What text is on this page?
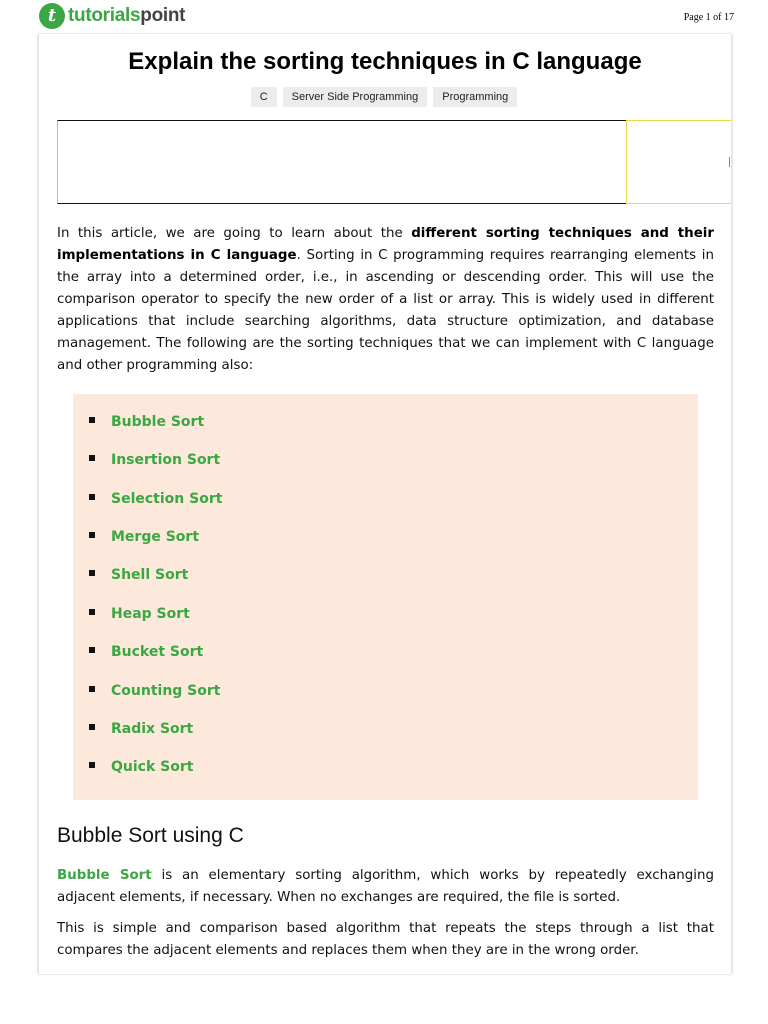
t tutorialspoint	Page 1 of 17
Explain the sorting techniques in C language
C	Server Side Programming	Programming

In this article, we are going to learn about the different sorting techniques and their implementations in C language. Sorting in C programming requires rearranging elements in the array into a determined order, i.e., in ascending or descending order. This will use the comparison operator to specify the new order of a list or array. This is widely used in different applications that include searching algorithms, data structure optimization, and database management. The following are the sorting techniques that we can implement with C language and other programming also:

Bubble Sort
Insertion Sort
Selection Sort
Merge Sort
Shell Sort
Heap Sort
Bucket Sort
Counting Sort
Radix Sort
Quick Sort
Bubble Sort using C

Bubble Sort is an elementary sorting algorithm, which works by repeatedly exchanging adjacent elements, if necessary. When no exchanges are required, the file is sorted.

This is simple and comparison based algorithm that repeats the steps through a list that compares the adjacent elements and replaces them when they are in the wrong order.
